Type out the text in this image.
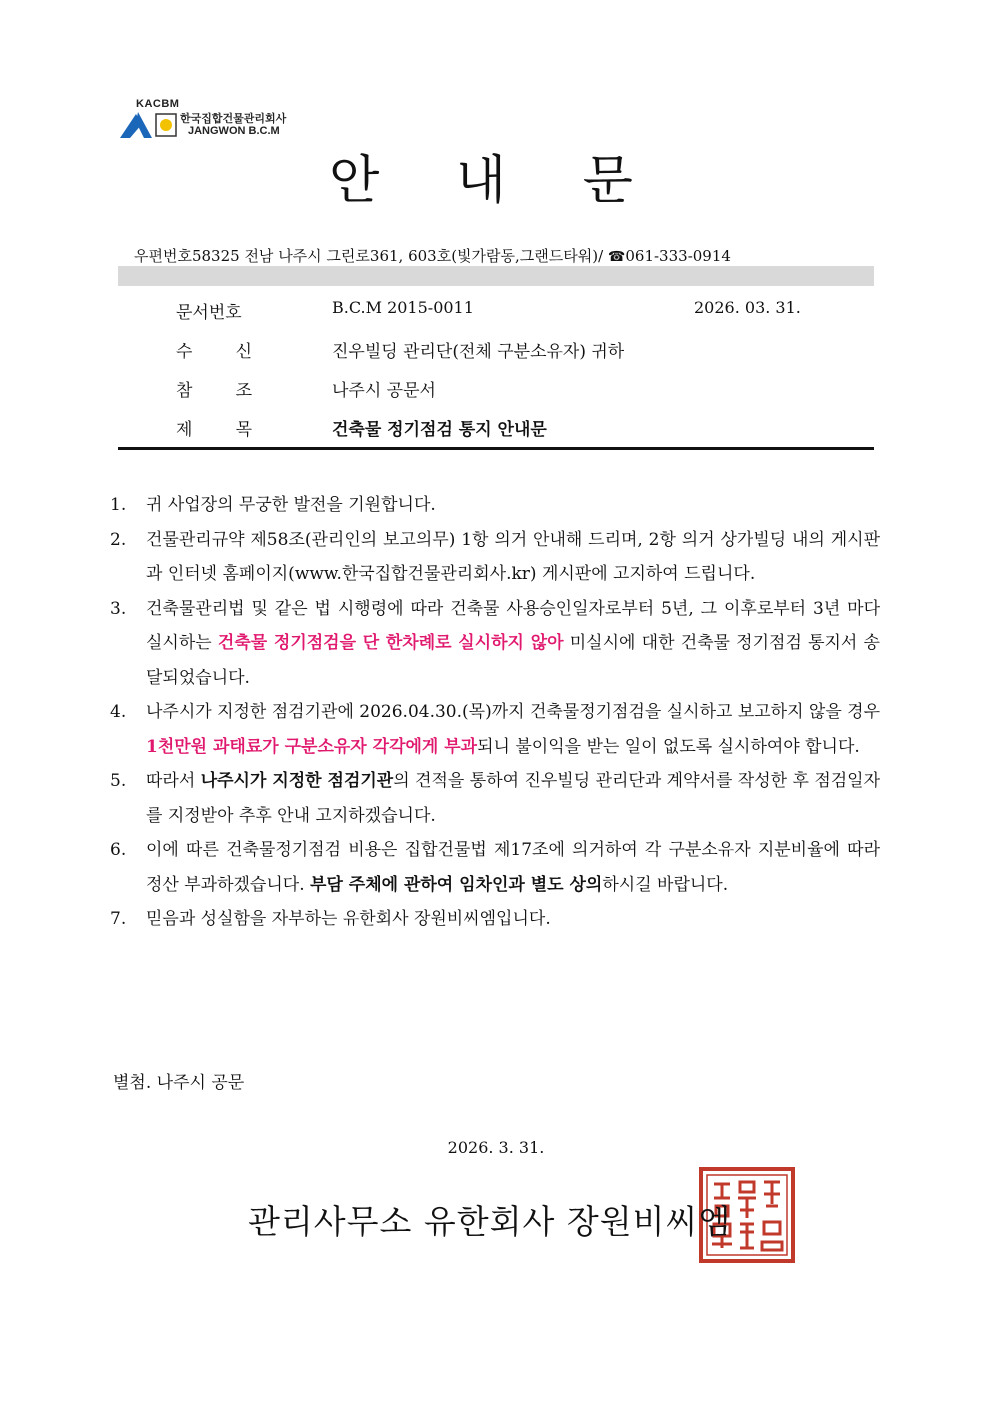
KACBM
한국집합건물관리회사
JANGWON B.C.M
안 내 문
우편번호58325 전남 나주시 그린로361, 603호(빛가람동,그랜드타워)/ ☎061-333-0914
문서번호	B.C.M 2015-0011	2026. 03. 31.
수        신	진우빌딩 관리단(전체 구분소유자) 귀하
참        조	나주시 공문서
제        목	건축물 정기점검 통지 안내문
1. 귀 사업장의 무궁한 발전을 기원합니다.
2. 건물관리규약 제58조(관리인의 보고의무) 1항 의거 안내해 드리며, 2항 의거 상가빌딩 내의 게시판과 인터넷 홈페이지(www.한국집합건물관리회사.kr) 게시판에 고지하여 드립니다.
3. 건축물관리법 및 같은 법 시행령에 따라 건축물 사용승인일자로부터 5년, 그 이후로부터 3년 마다 실시하는 건축물 정기점검을 단 한차례로 실시하지 않아 미실시에 대한 건축물 정기점검 통지서 송달되었습니다.
4. 나주시가 지정한 점검기관에 2026.04.30.(목)까지 건축물정기점검을 실시하고 보고하지 않을 경우 1천만원 과태료가 구분소유자 각각에게 부과되니 불이익을 받는 일이 없도록 실시하여야 합니다.
5. 따라서 나주시가 지정한 점검기관의 견적을 통하여 진우빌딩 관리단과 계약서를 작성한 후 점검일자를 지정받아 추후 안내 고지하겠습니다.
6. 이에 따른 건축물정기점검 비용은 집합건물법 제17조에 의거하여 각 구분소유자 지분비율에 따라 정산 부과하겠습니다. 부담 주체에 관하여 임차인과 별도 상의하시길 바랍니다.
7. 믿음과 성실함을 자부하는 유한회사 장원비씨엠입니다.
별첨. 나주시 공문
2026. 3. 31.
관리사무소 유한회사 장원비씨엠
